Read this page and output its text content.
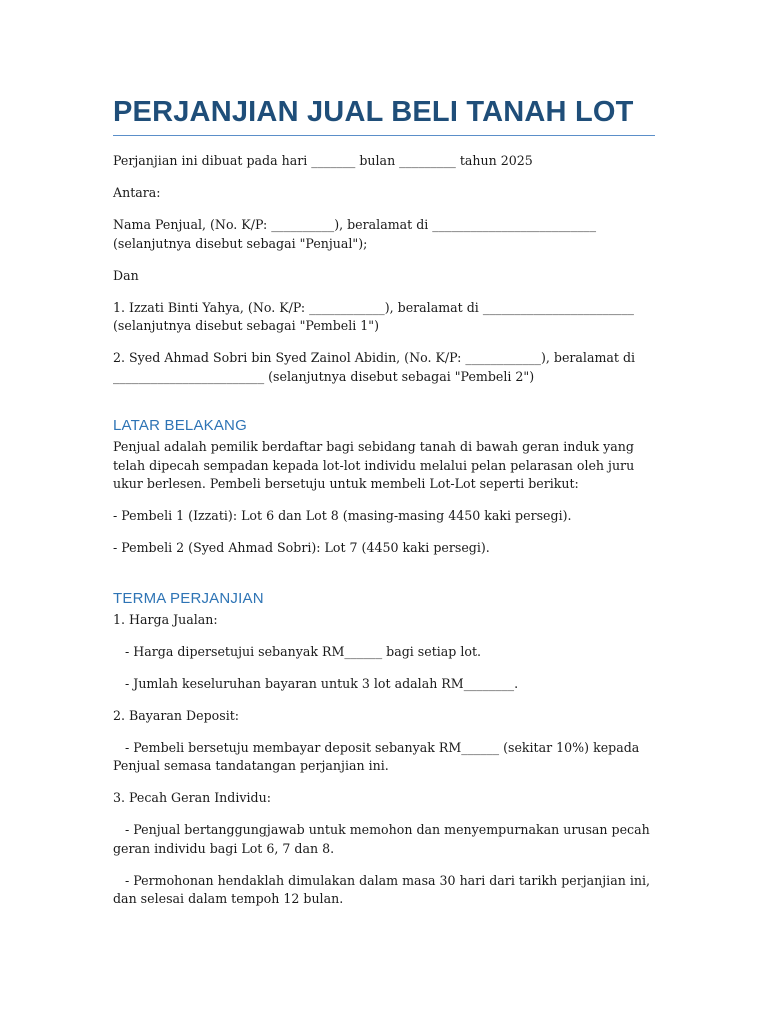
PERJANJIAN JUAL BELI TANAH LOT

Perjanjian ini dibuat pada hari _______ bulan _________ tahun 2025

Antara:

Nama Penjual, (No. K/P: __________), beralamat di __________________________ (selanjutnya disebut sebagai "Penjual");

Dan

1. Izzati Binti Yahya, (No. K/P: ____________), beralamat di ________________________ (selanjutnya disebut sebagai "Pembeli 1")

2. Syed Ahmad Sobri bin Syed Zainol Abidin, (No. K/P: ____________), beralamat di ________________________ (selanjutnya disebut sebagai "Pembeli 2")

LATAR BELAKANG

Penjual adalah pemilik berdaftar bagi sebidang tanah di bawah geran induk yang telah dipecah sempadan kepada lot-lot individu melalui pelan pelarasan oleh juru ukur berlesen. Pembeli bersetuju untuk membeli Lot-Lot seperti berikut:

- Pembeli 1 (Izzati): Lot 6 dan Lot 8 (masing-masing 4450 kaki persegi).

- Pembeli 2 (Syed Ahmad Sobri): Lot 7 (4450 kaki persegi).

TERMA PERJANJIAN

1. Harga Jualan:

- Harga dipersetujui sebanyak RM______ bagi setiap lot.

- Jumlah keseluruhan bayaran untuk 3 lot adalah RM________.

2. Bayaran Deposit:

- Pembeli bersetuju membayar deposit sebanyak RM______ (sekitar 10%) kepada Penjual semasa tandatangan perjanjian ini.

3. Pecah Geran Individu:

- Penjual bertanggungjawab untuk memohon dan menyempurnakan urusan pecah geran individu bagi Lot 6, 7 dan 8.

- Permohonan hendaklah dimulakan dalam masa 30 hari dari tarikh perjanjian ini, dan selesai dalam tempoh 12 bulan.
